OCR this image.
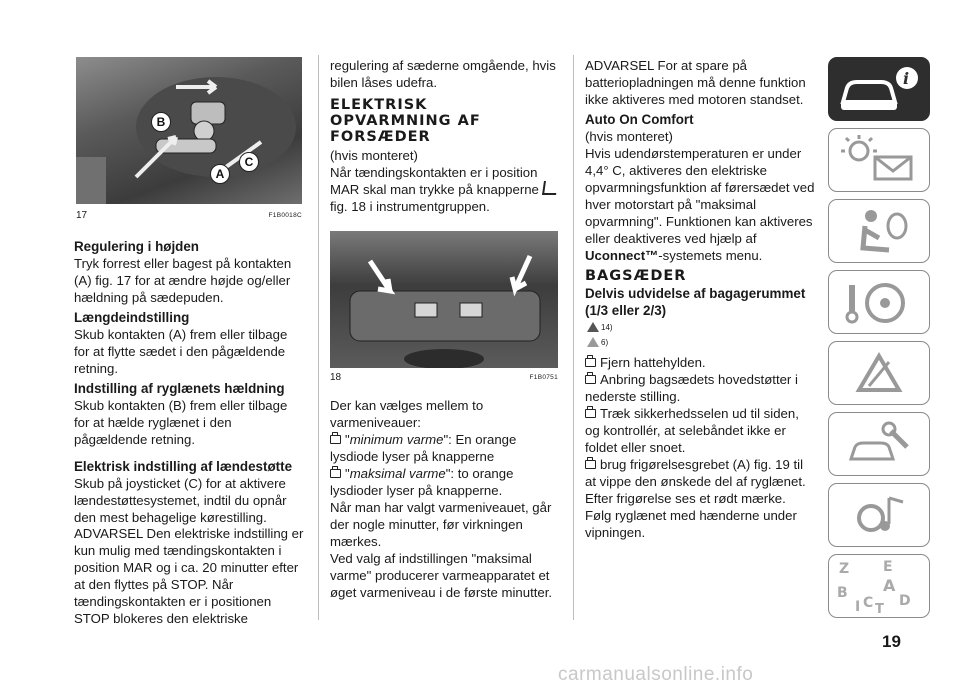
B
C
A
17	F1B0018C
Regulering i højden

Tryk forrest eller bagest på kontakten (A) fig. 17 for at ændre højde og/eller hældning på sædepuden.

Længdeindstilling

Skub kontakten (A) frem eller tilbage for at flytte sædet i den pågældende retning.

Indstilling af ryglænets hældning

Skub kontakten (B) frem eller tilbage for at hælde ryglænet i den pågældende retning.

Elektrisk indstilling af lændestøtte

Skub på joysticket (C) for at aktivere lændestøttesystemet, indtil du opnår den mest behagelige kørestilling.

ADVARSEL Den elektriske indstilling er kun mulig med tændingskontakten i position MAR og i ca. 20 minutter efter at den flyttes på STOP. Når tændingskontakten er i positionen STOP blokeres den elektriske

regulering af sæderne omgående, hvis bilen låses udefra.

ELEKTRISK OPVARMNING AF FORSÆDER

(hvis monteret)

Når tændingskontakten er i position MAR skal man trykke på knapperne  fig. 18 i instrumentgruppen.

18	F1B0751

Der kan vælges mellem to varmeniveauer:

"minimum varme": En orange lysdiode lyser på knapperne

"maksimal varme": to orange lysdioder lyser på knapperne.

Når man har valgt varmeniveauet, går der nogle minutter, før virkningen mærkes.

Ved valg af indstillingen "maksimal varme" producerer varmeapparatet et øget varmeniveau i de første minutter.

ADVARSEL For at spare på batteriopladningen må denne funktion ikke aktiveres med motoren standset.

Auto On Comfort

(hvis monteret)

Hvis udendørstemperaturen er under 4,4° C, aktiveres den elektriske opvarmningsfunktion af førersædet ved hver motorstart på "maksimal opvarmning". Funktionen kan aktiveres eller deaktiveres ved hjælp af Uconnect™-systemets menu.

BAGSÆDER
Delvis udvidelse af bagagerummet (1/3 eller 2/3)
14)
6)

Fjern hattehylden.

Anbring bagsædets hovedstøtter i nederste stilling.

Træk sikkerhedsselen ud til siden, og kontrollér, at selebåndet ikke er foldet eller snoet.

brug frigørelsesgrebet (A) fig. 19 til at vippe den ønskede del af ryglænet.

Efter frigørelse ses et rødt mærke.

Følg ryglænet med hænderne under vipningen.

i
Z E
B A
I C T
D
19
carmanualsonline.info
